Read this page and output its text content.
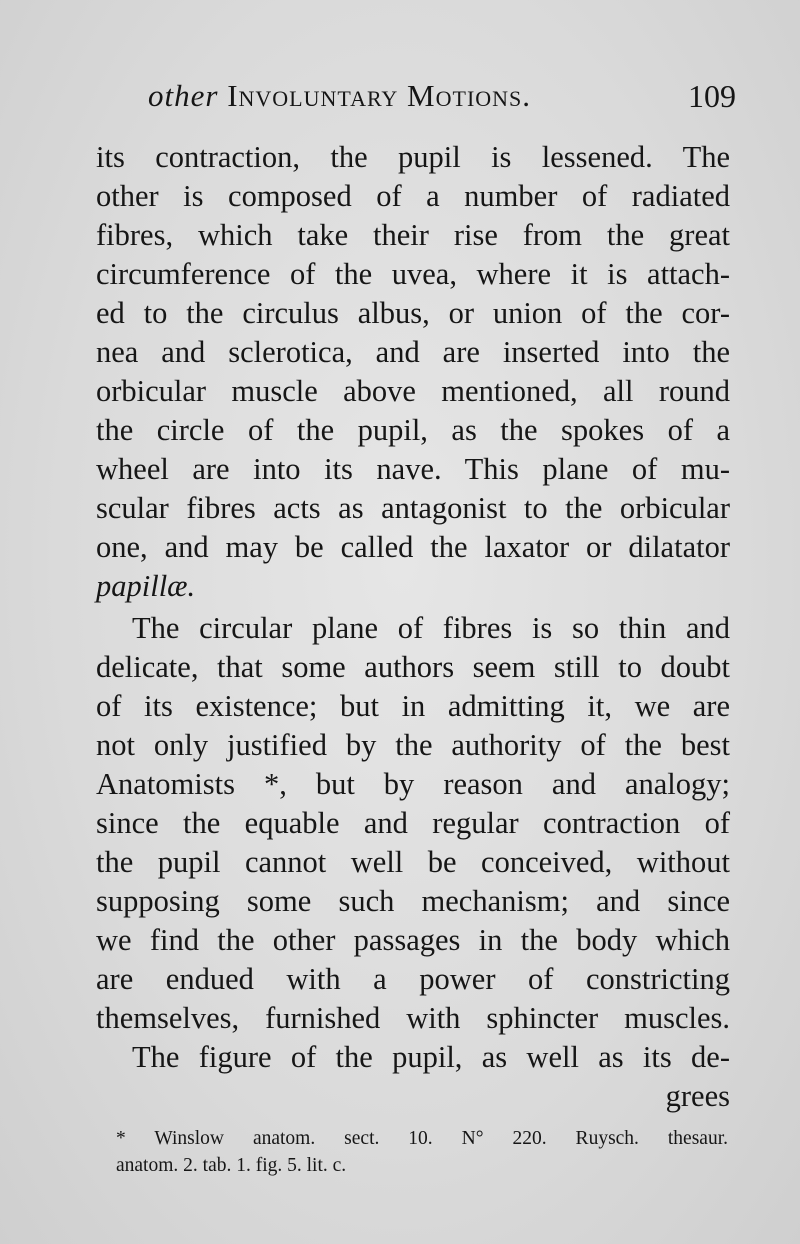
other Involuntary Motions.	109
its contraction, the pupil is lessened. The
other is composed of a number of radiated
fibres, which take their rise from the great
circumference of the uvea, where it is attach-
ed to the circulus albus, or union of the cor-
nea and sclerotica, and are inserted into the
orbicular muscle above mentioned, all round
the circle of the pupil, as the spokes of a
wheel are into its nave. This plane of mu-
scular fibres acts as antagonist to the orbicular
one, and may be called the laxator or dilatator
papillæ.
The circular plane of fibres is so thin and
delicate, that some authors seem still to doubt
of its existence; but in admitting it, we are
not only justified by the authority of the best
Anatomists *, but by reason and analogy;
since the equable and regular contraction of
the pupil cannot well be conceived, without
supposing some such mechanism; and since
we find the other passages in the body which
are endued with a power of constricting
themselves, furnished with sphincter muscles.
The figure of the pupil, as well as its de-
grees
* Winslow anatom. sect. 10. N° 220. Ruysch. thesaur.
anatom. 2. tab. 1. fig. 5. lit. c.
